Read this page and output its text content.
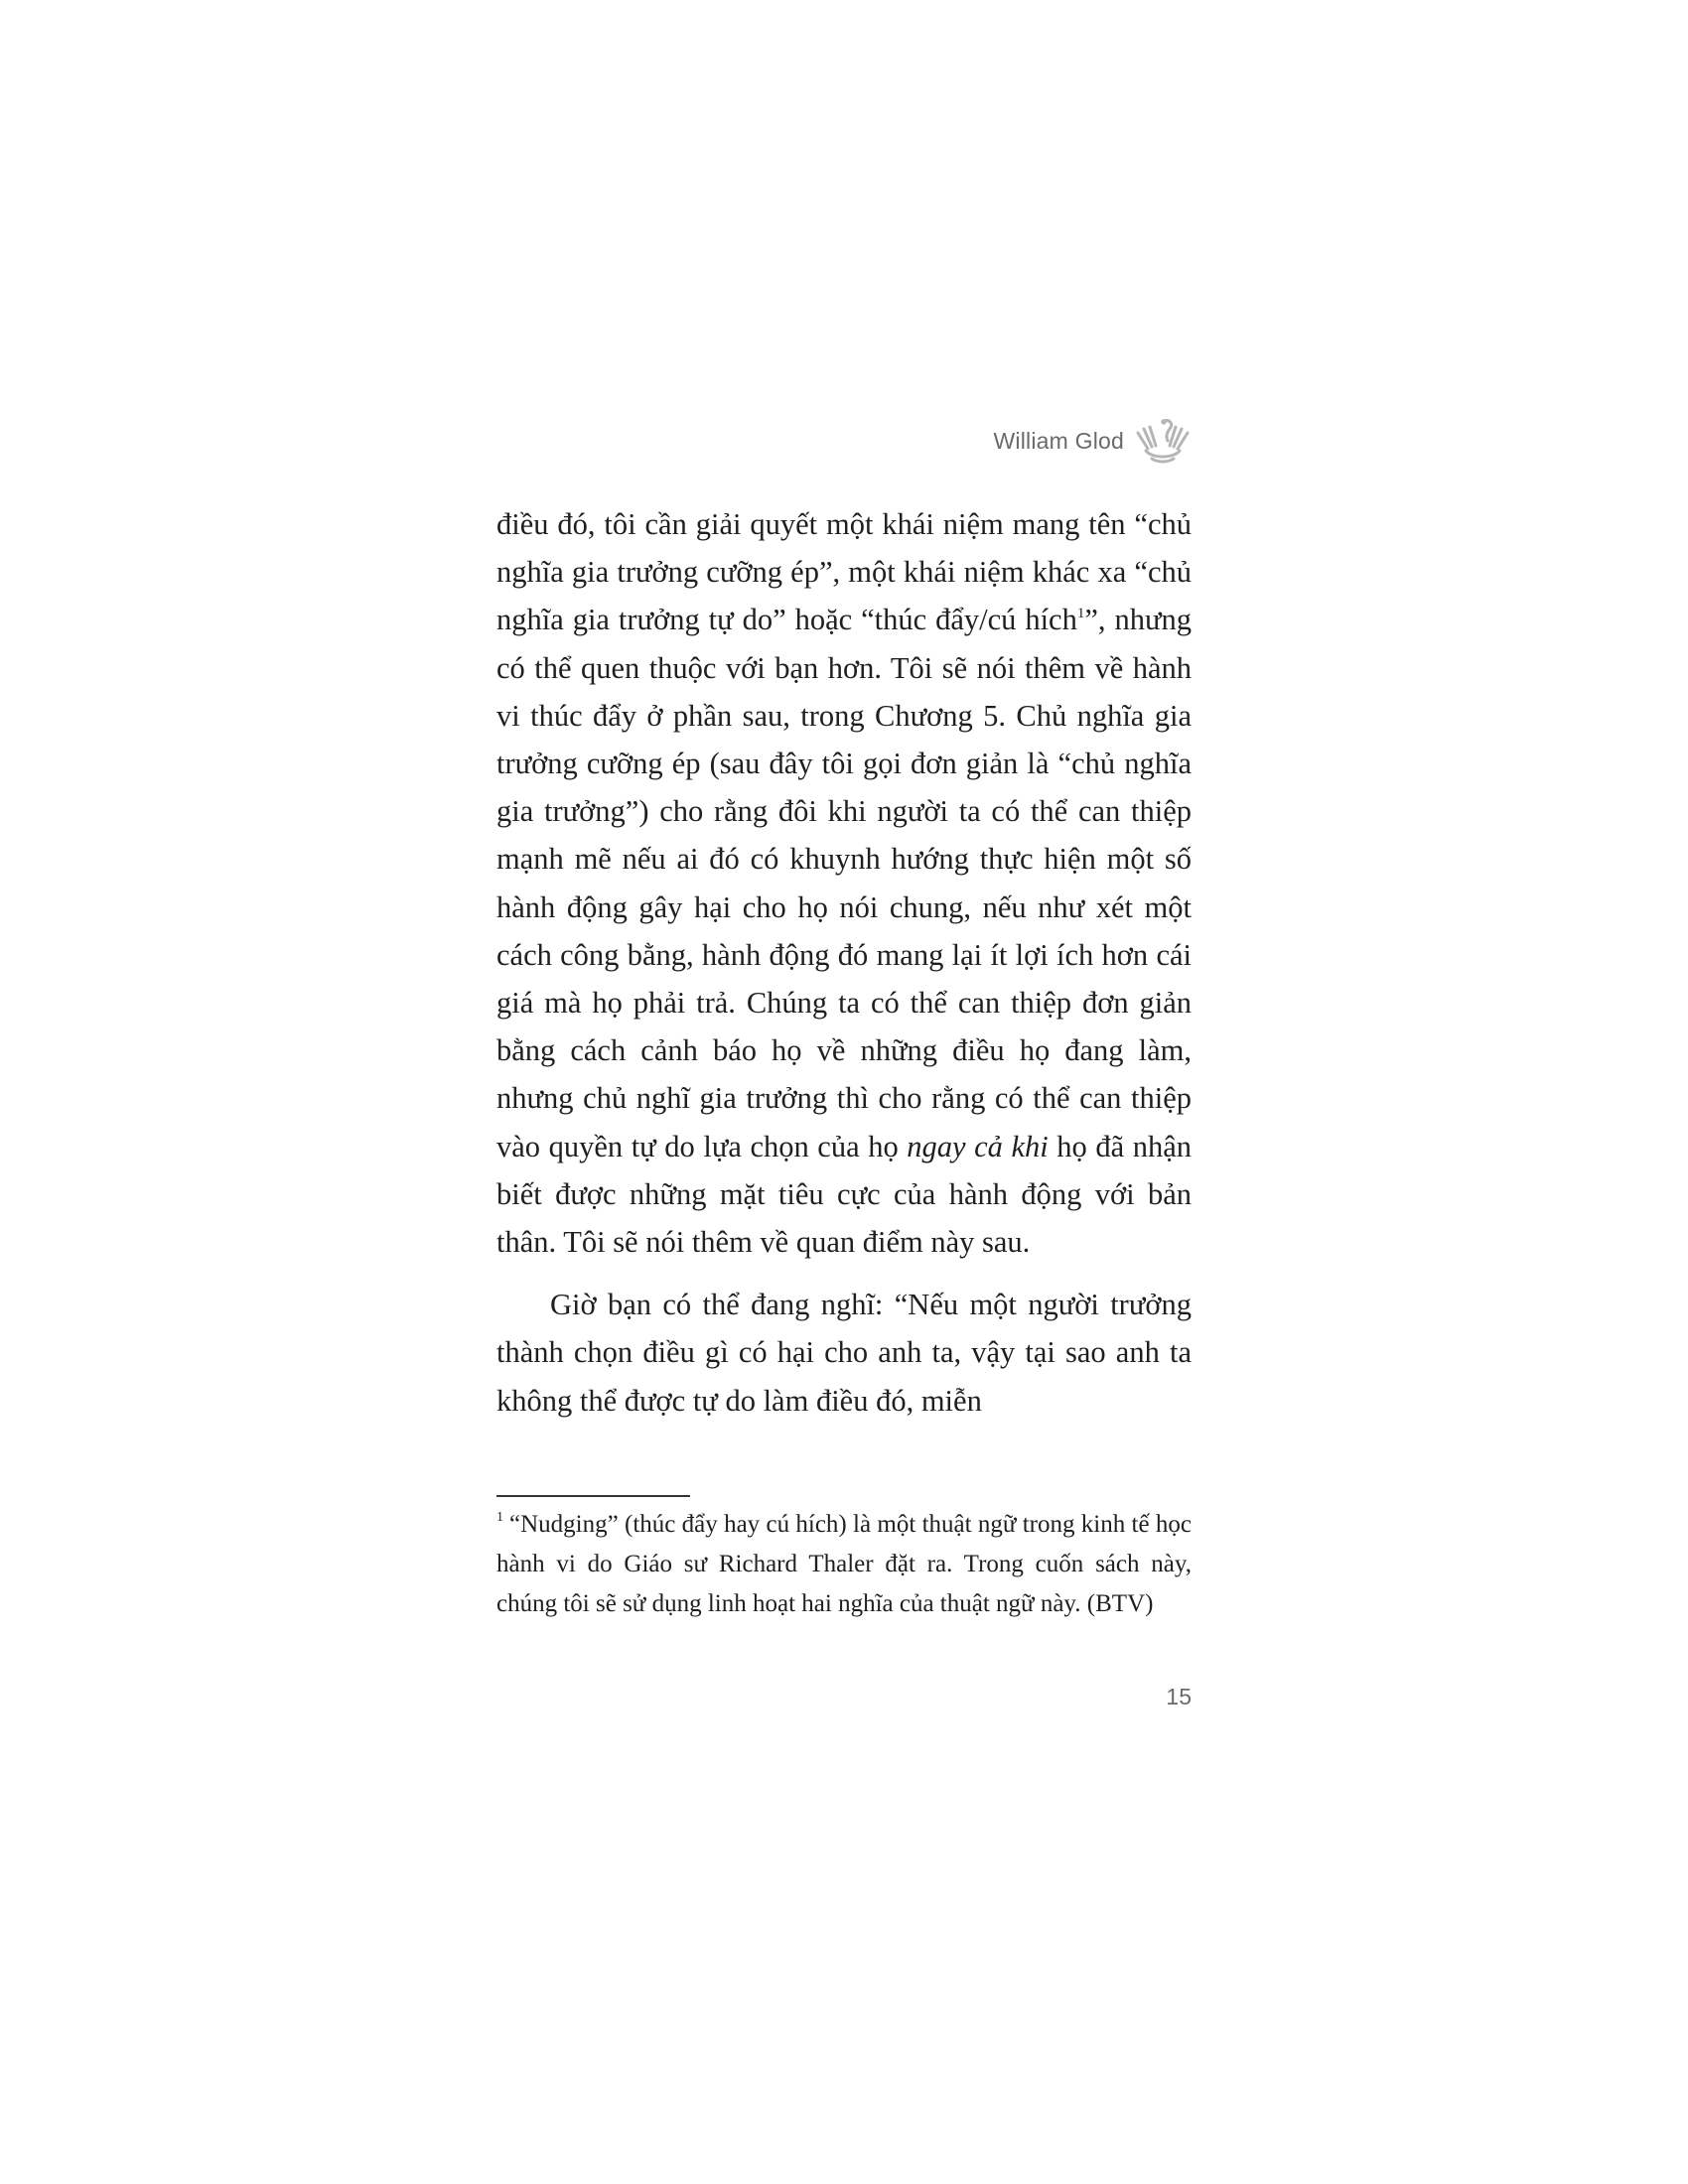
William Glod

điều đó, tôi cần giải quyết một khái niệm mang tên “chủ nghĩa gia trưởng cưỡng ép”, một khái niệm khác xa “chủ nghĩa gia trưởng tự do” hoặc “thúc đẩy/cú hích$^1$”, nhưng có thể quen thuộc với bạn hơn. Tôi sẽ nói thêm về hành vi thúc đẩy ở phần sau, trong Chương 5. Chủ nghĩa gia trưởng cưỡng ép (sau đây tôi gọi đơn giản là “chủ nghĩa gia trưởng”) cho rằng đôi khi người ta có thể can thiệp mạnh mẽ nếu ai đó có khuynh hướng thực hiện một số hành động gây hại cho họ nói chung, nếu như xét một cách công bằng, hành động đó mang lại ít lợi ích hơn cái giá mà họ phải trả. Chúng ta có thể can thiệp đơn giản bằng cách cảnh báo họ về những điều họ đang làm, nhưng chủ nghĩ gia trưởng thì cho rằng có thể can thiệp vào quyền tự do lựa chọn của họ ngay cả khi họ đã nhận biết được những mặt tiêu cực của hành động với bản thân. Tôi sẽ nói thêm về quan điểm này sau.

Giờ bạn có thể đang nghĩ: “Nếu một người trưởng thành chọn điều gì có hại cho anh ta, vậy tại sao anh ta không thể được tự do làm điều đó, miễn

$^1$ “Nudging” (thúc đẩy hay cú hích) là một thuật ngữ trong kinh tế học hành vi do Giáo sư Richard Thaler đặt ra. Trong cuốn sách này, chúng tôi sẽ sử dụng linh hoạt hai nghĩa của thuật ngữ này. (BTV)
15
